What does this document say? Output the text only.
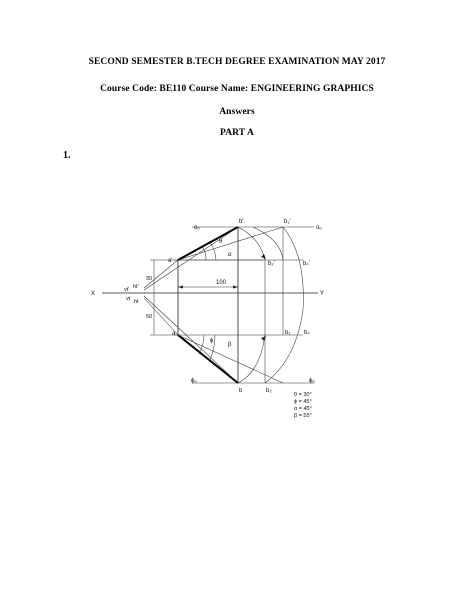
SECOND SEMESTER B.TECH DEGREE EXAMINATION MAY 2017
Course Code: BE110 Course Name: ENGINEERING GRAPHICS
Answers
PART A
1.
oₒ
b'	b₁'
oₒ
a'	b₂'	b₀'
α
θ
30
100
50
X	Y
vt' ht'
vt ht
a	b₁ b₀
ϕ
β
ϕₒ	ϕₒ
b	b₂
θ = 30°
ϕ = 45°
α = 45°
β = 55°
